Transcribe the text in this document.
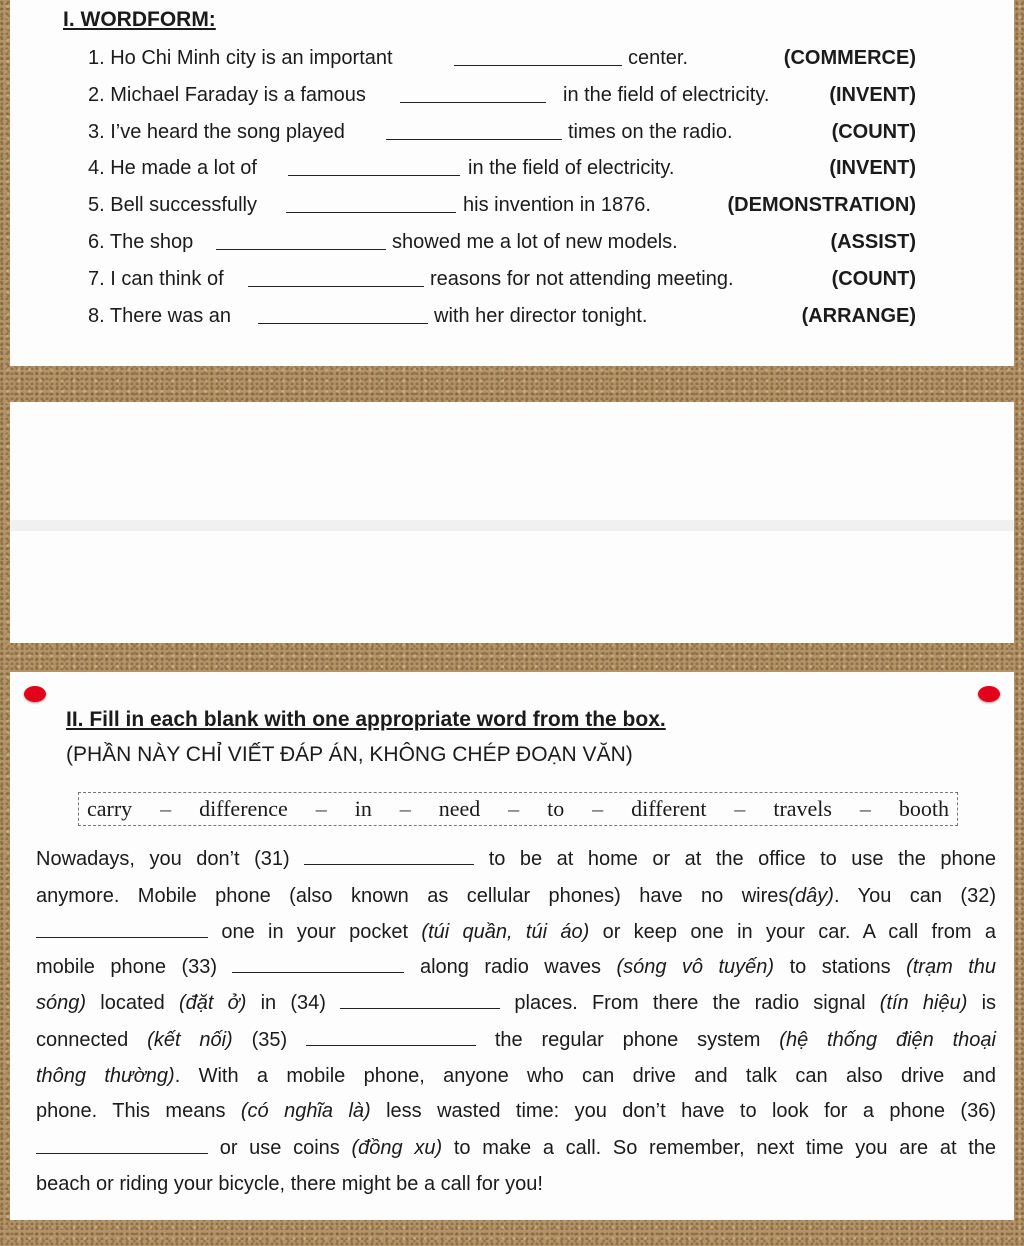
I. WORDFORM:
1. Ho Chi Minh city is an important	center.	(COMMERCE)
2. Michael Faraday is a famous	in the field of electricity.	(INVENT)
3. I’ve heard the song played	times on the radio.	(COUNT)
4. He made a lot of	in the field of electricity.	(INVENT)
5. Bell successfully	his invention in 1876.	(DEMONSTRATION)
6. The shop	showed me a lot of new models.	(ASSIST)
7. I can think of	reasons for not attending meeting.	(COUNT)
8. There was an	with her director tonight.	(ARRANGE)
II. Fill in each blank with one appropriate word from the box.
(PHẦN NÀY CHỈ VIẾT ĐÁP ÁN, KHÔNG CHÉP ĐOẠN VĂN)
carry – difference – in – need – to – different – travels – booth
Nowadays, you don’t (31)	to be at home or at the office to use the phone
anymore. Mobile phone (also known as cellular phones) have no wires(dây). You can (32)
one in your pocket (túi quần, túi áo) or keep one in your car. A call from a
mobile phone (33)	along radio waves (sóng vô tuyến) to stations (trạm thu
sóng) located (đặt ở) in (34)	places. From there the radio signal (tín hiệu) is
connected (kết nối) (35)	the regular phone system (hệ thống điện thoại
thông thường). With a mobile phone, anyone who can drive and talk can also drive and
phone. This means (có nghĩa là) less wasted time: you don’t have to look for a phone (36)
or use coins (đồng xu) to make a call. So remember, next time you are at the
beach or riding your bicycle, there might be a call for you!
